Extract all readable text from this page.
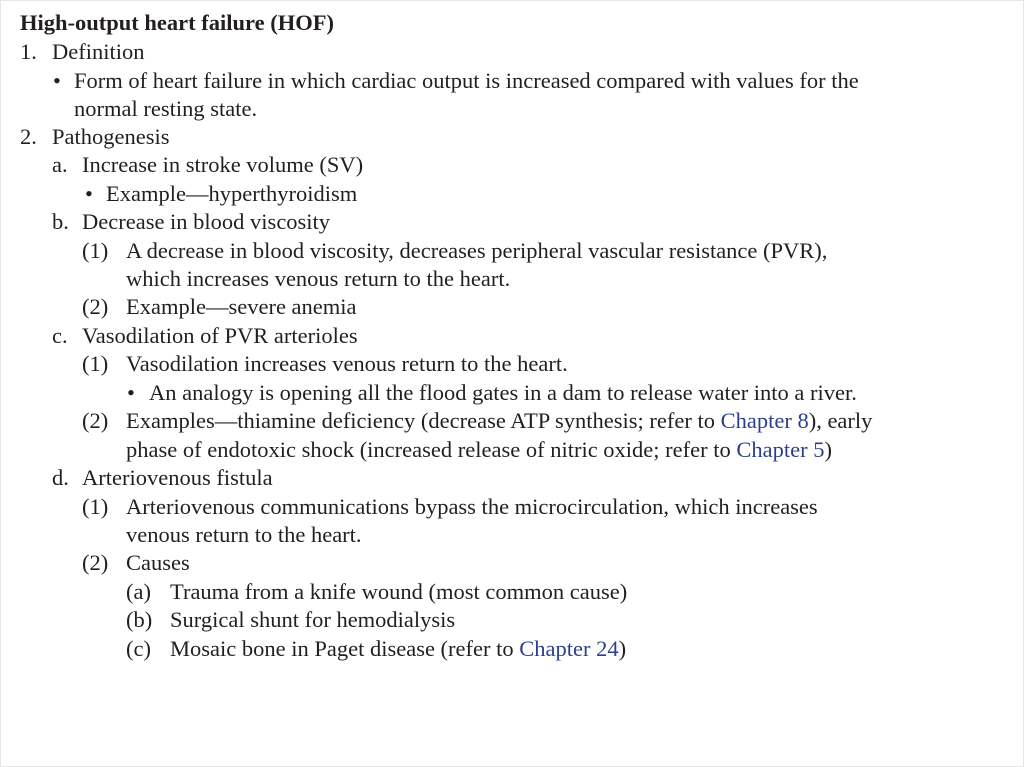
High-output heart failure (HOF)
1. Definition
• Form of heart failure in which cardiac output is increased compared with values for the
normal resting state.
2. Pathogenesis
a. Increase in stroke volume (SV)
• Example—hyperthyroidism
b. Decrease in blood viscosity
(1) A decrease in blood viscosity, decreases peripheral vascular resistance (PVR),
which increases venous return to the heart.
(2) Example—severe anemia
c. Vasodilation of PVR arterioles
(1) Vasodilation increases venous return to the heart.
• An analogy is opening all the flood gates in a dam to release water into a river.
(2) Examples—thiamine deficiency (decrease ATP synthesis; refer to Chapter 8), early
phase of endotoxic shock (increased release of nitric oxide; refer to Chapter 5)
d. Arteriovenous fistula
(1) Arteriovenous communications bypass the microcirculation, which increases
venous return to the heart.
(2) Causes
(a) Trauma from a knife wound (most common cause)
(b) Surgical shunt for hemodialysis
(c) Mosaic bone in Paget disease (refer to Chapter 24)
